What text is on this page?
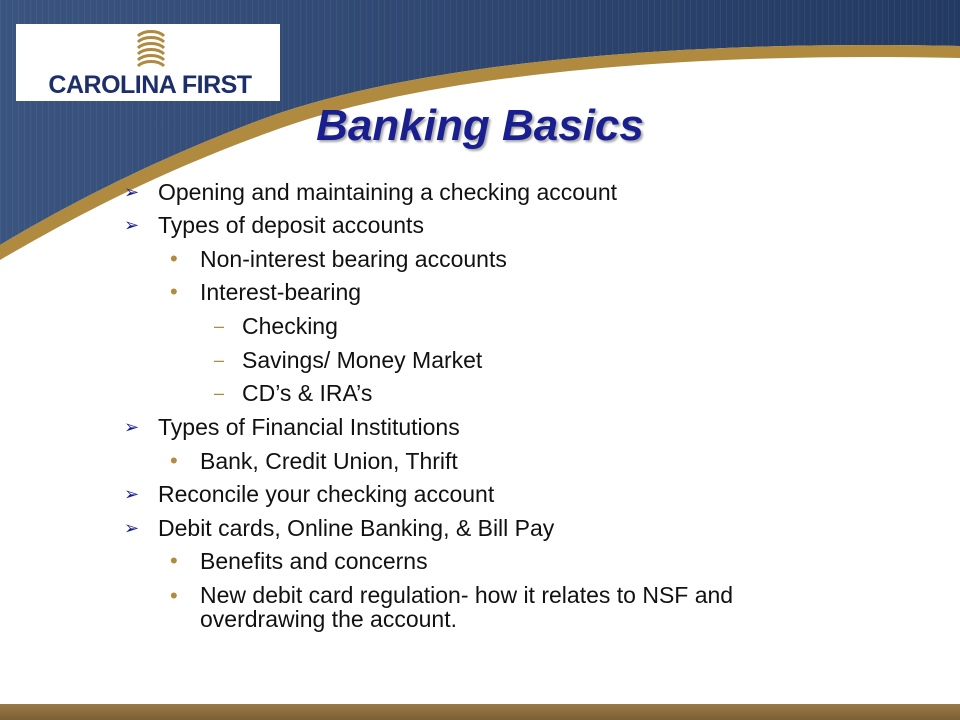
CAROLINA FIRST
Banking Basics
➢ Opening and maintaining a checking account
➢ Types of deposit accounts
• Non-interest bearing accounts
• Interest-bearing
– Checking
– Savings/ Money Market
– CD’s & IRA’s
➢ Types of Financial Institutions
• Bank, Credit Union, Thrift
➢ Reconcile your checking account
➢ Debit cards, Online Banking, & Bill Pay
• Benefits and concerns
• New debit card regulation- how it relates to NSF and overdrawing the account.
